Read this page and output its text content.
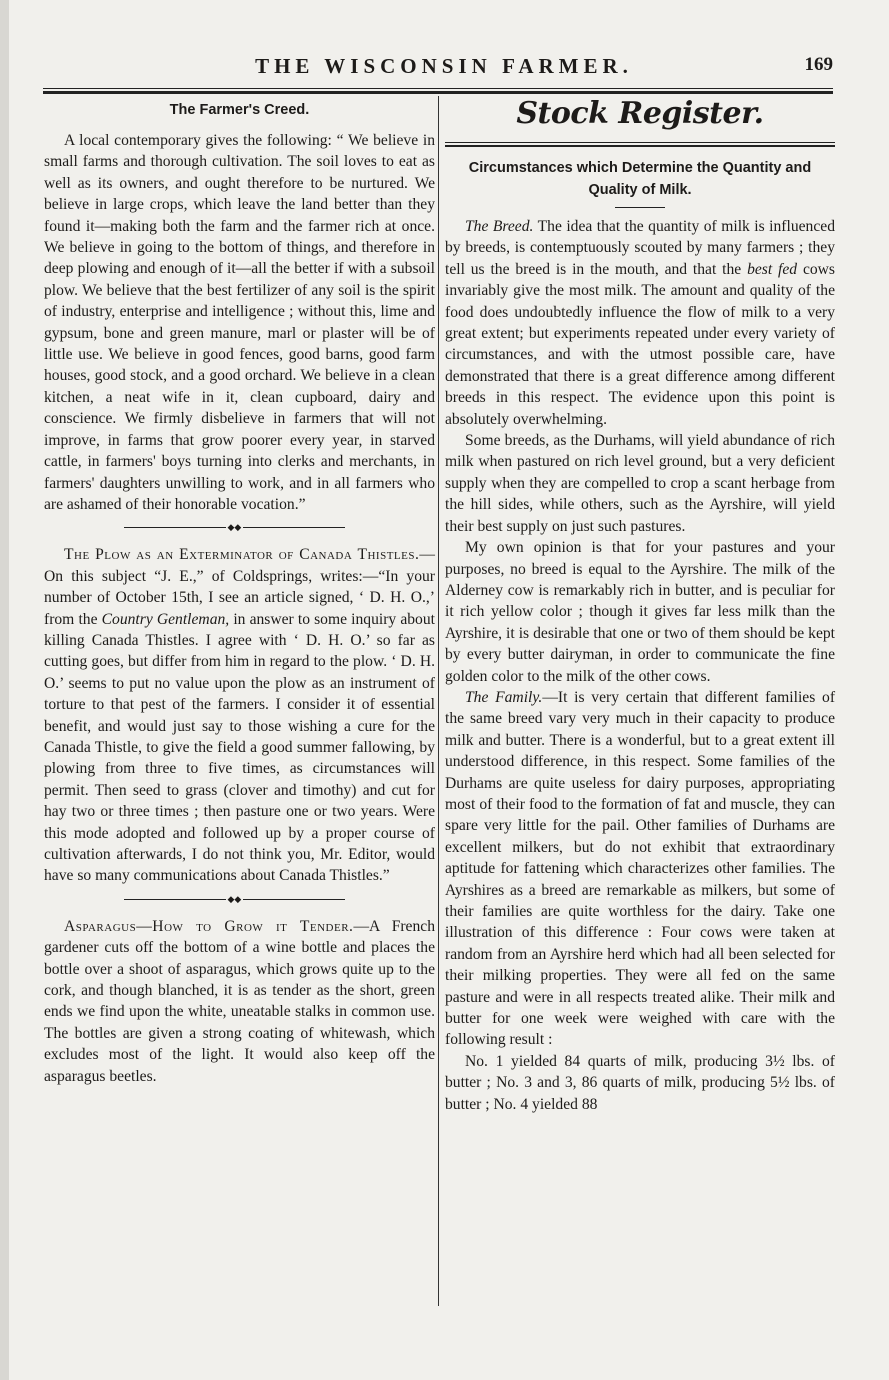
THE WISCONSIN FARMER.	169
The Farmer's Creed.

A local contemporary gives the following: “ We believe in small farms and thorough cultivation. The soil loves to eat as well as its owners, and ought therefore to be nurtured. We believe in large crops, which leave the land better than they found it—making both the farm and the farmer rich at once. We believe in going to the bottom of things, and therefore in deep plowing and enough of it—all the better if with a subsoil plow. We believe that the best fertilizer of any soil is the spirit of industry, enterprise and intelligence ; without this, lime and gypsum, bone and green manure, marl or plaster will be of little use. We believe in good fences, good barns, good farm houses, good stock, and a good orchard. We believe in a clean kitchen, a neat wife in it, clean cupboard, dairy and conscience. We firmly disbelieve in farmers that will not improve, in farms that grow poorer every year, in starved cattle, in farmers' boys turning into clerks and merchants, in farmers' daughters unwilling to work, and in all farmers who are ashamed of their honorable vocation.”

◆◆

The Plow as an Exterminator of Canada Thistles.—On this subject “J. E.,” of Coldsprings, writes:—“In your number of October 15th, I see an article signed, ‘ D. H. O.,’ from the Country Gentleman, in answer to some inquiry about killing Canada Thistles. I agree with ‘ D. H. O.’ so far as cutting goes, but differ from him in regard to the plow. ‘ D. H. O.’ seems to put no value upon the plow as an instrument of torture to that pest of the farmers. I consider it of essential benefit, and would just say to those wishing a cure for the Canada Thistle, to give the field a good summer fallowing, by plowing from three to five times, as circumstances will permit. Then seed to grass (clover and timothy) and cut for hay two or three times ; then pasture one or two years. Were this mode adopted and followed up by a proper course of cultivation afterwards, I do not think you, Mr. Editor, would have so many communications about Canada Thistles.”

◆◆

Asparagus—How to Grow it Tender.—A French gardener cuts off the bottom of a wine bottle and places the bottle over a shoot of asparagus, which grows quite up to the cork, and though blanched, it is as tender as the short, green ends we find upon the white, uneatable stalks in common use. The bottles are given a strong coating of whitewash, which excludes most of the light. It would also keep off the asparagus beetles.

Stock Register.
Circumstances which Determine the Quantity and Quality of Milk.

The Breed. The idea that the quantity of milk is influenced by breeds, is contemptuously scouted by many farmers ; they tell us the breed is in the mouth, and that the best fed cows invariably give the most milk. The amount and quality of the food does undoubtedly influence the flow of milk to a very great extent; but experiments repeated under every variety of circumstances, and with the utmost possible care, have demonstrated that there is a great difference among different breeds in this respect. The evidence upon this point is absolutely overwhelming.

Some breeds, as the Durhams, will yield abundance of rich milk when pastured on rich level ground, but a very deficient supply when they are compelled to crop a scant herbage from the hill sides, while others, such as the Ayrshire, will yield their best supply on just such pastures.

My own opinion is that for your pastures and your purposes, no breed is equal to the Ayrshire. The milk of the Alderney cow is remarkably rich in butter, and is peculiar for it rich yellow color ; though it gives far less milk than the Ayrshire, it is desirable that one or two of them should be kept by every butter dairyman, in order to communicate the fine golden color to the milk of the other cows.

The Family.—It is very certain that different families of the same breed vary very much in their capacity to produce milk and butter. There is a wonderful, but to a great extent ill understood difference, in this respect. Some families of the Durhams are quite useless for dairy purposes, appropriating most of their food to the formation of fat and muscle, they can spare very little for the pail. Other families of Durhams are excellent milkers, but do not exhibit that extraordinary aptitude for fattening which characterizes other families. The Ayrshires as a breed are remarkable as milkers, but some of their families are quite worthless for the dairy. Take one illustration of this difference : Four cows were taken at random from an Ayrshire herd which had all been selected for their milking properties. They were all fed on the same pasture and were in all respects treated alike. Their milk and butter for one week were weighed with care with the following result :

No. 1 yielded 84 quarts of milk, producing 3½ lbs. of butter ; No. 3 and 3, 86 quarts of milk, producing 5½ lbs. of butter ; No. 4 yielded 88
